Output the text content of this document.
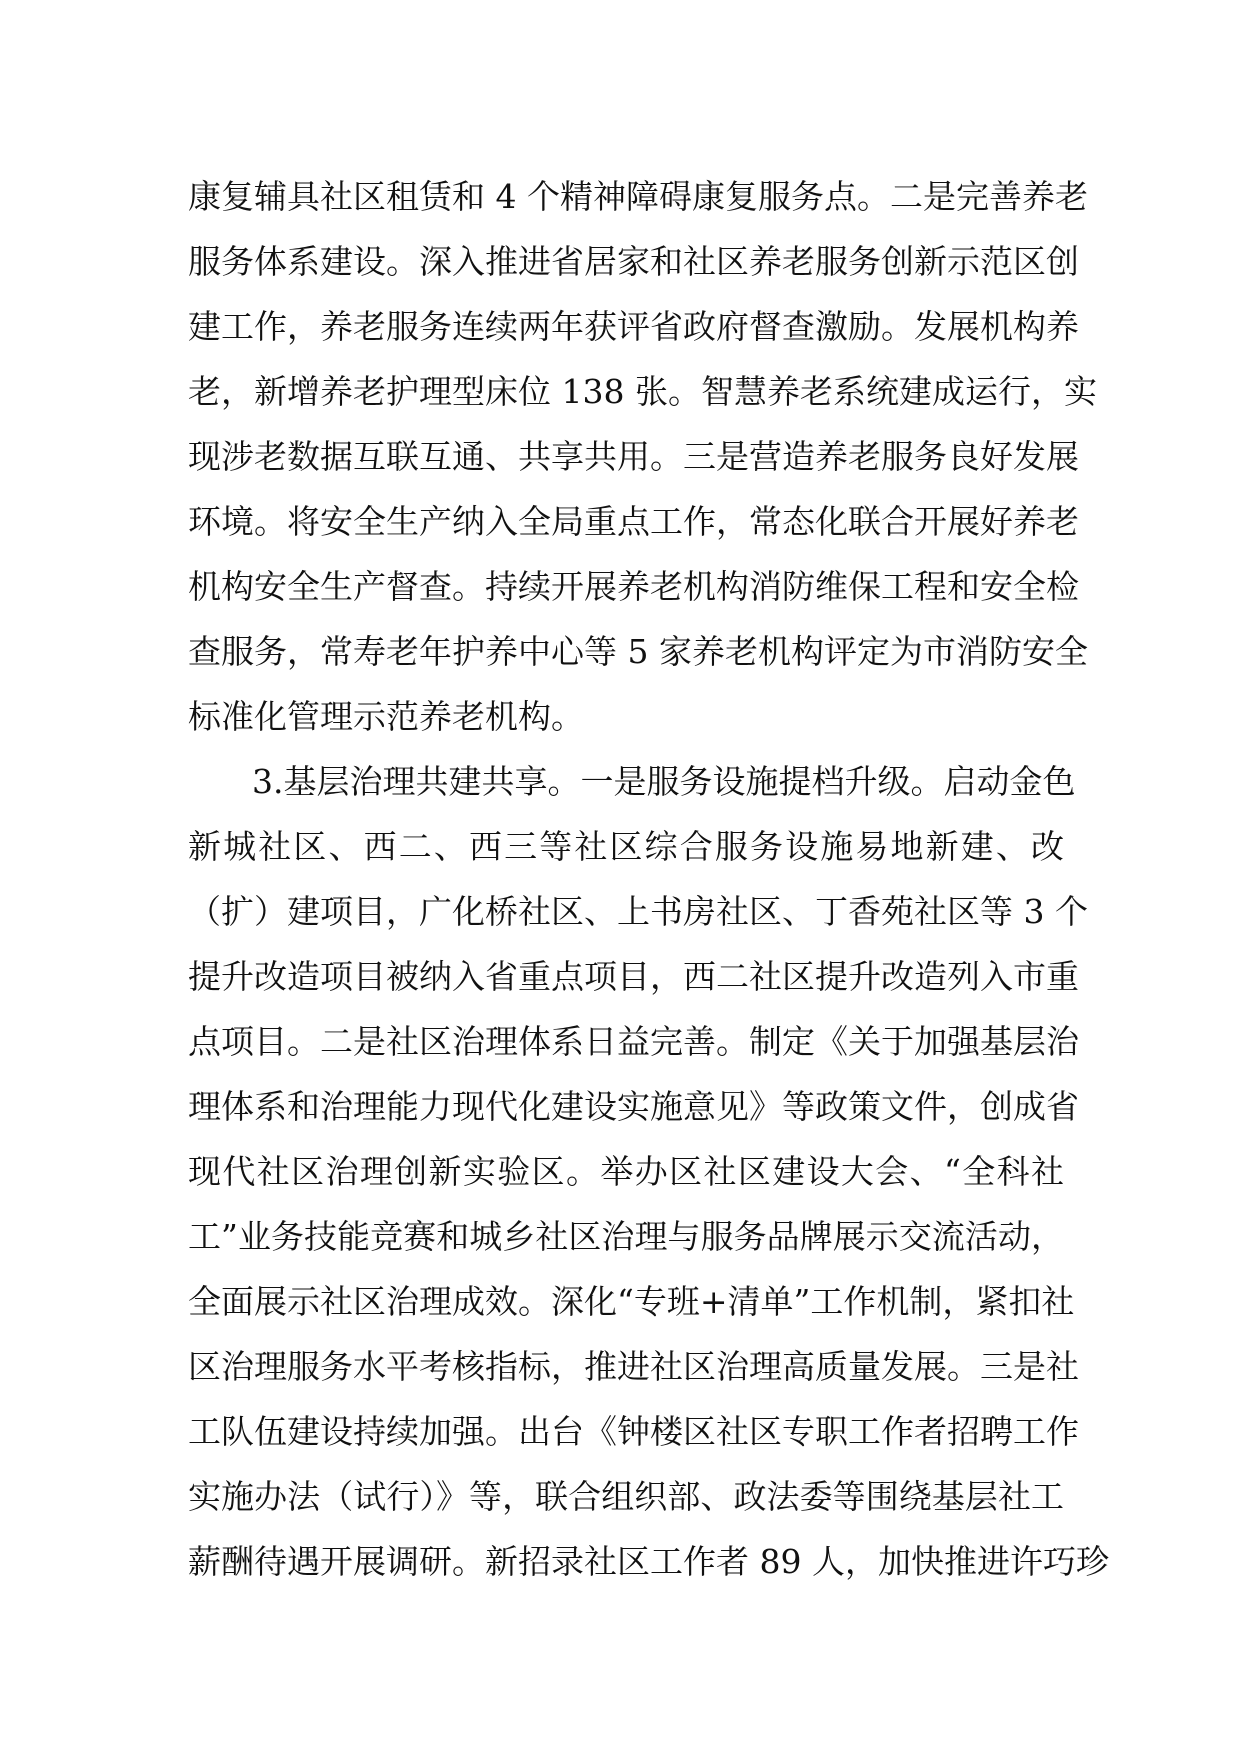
康复辅具社区租赁和 4 个精神障碍康复服务点。二是完善养老
服务体系建设。深入推进省居家和社区养老服务创新示范区创
建工作，养老服务连续两年获评省政府督查激励。发展机构养
老，新增养老护理型床位 138 张。智慧养老系统建成运行，实
现涉老数据互联互通、共享共用。三是营造养老服务良好发展
环境。将安全生产纳入全局重点工作，常态化联合开展好养老
机构安全生产督查。持续开展养老机构消防维保工程和安全检
查服务，常寿老年护养中心等 5 家养老机构评定为市消防安全
标准化管理示范养老机构。
3.基层治理共建共享。一是服务设施提档升级。启动金色
新城社区、西二、西三等社区综合服务设施易地新建、改
（扩）建项目，广化桥社区、上书房社区、丁香苑社区等 3 个
提升改造项目被纳入省重点项目，西二社区提升改造列入市重
点项目。二是社区治理体系日益完善。制定《关于加强基层治
理体系和治理能力现代化建设实施意见》等政策文件，创成省
现代社区治理创新实验区。举办区社区建设大会、“全科社
工”业务技能竞赛和城乡社区治理与服务品牌展示交流活动，
全面展示社区治理成效。深化“专班+清单”工作机制，紧扣社
区治理服务水平考核指标，推进社区治理高质量发展。三是社
工队伍建设持续加强。出台《钟楼区社区专职工作者招聘工作
实施办法（试行）》等，联合组织部、政法委等围绕基层社工
薪酬待遇开展调研。新招录社区工作者 89 人，加快推进许巧珍
